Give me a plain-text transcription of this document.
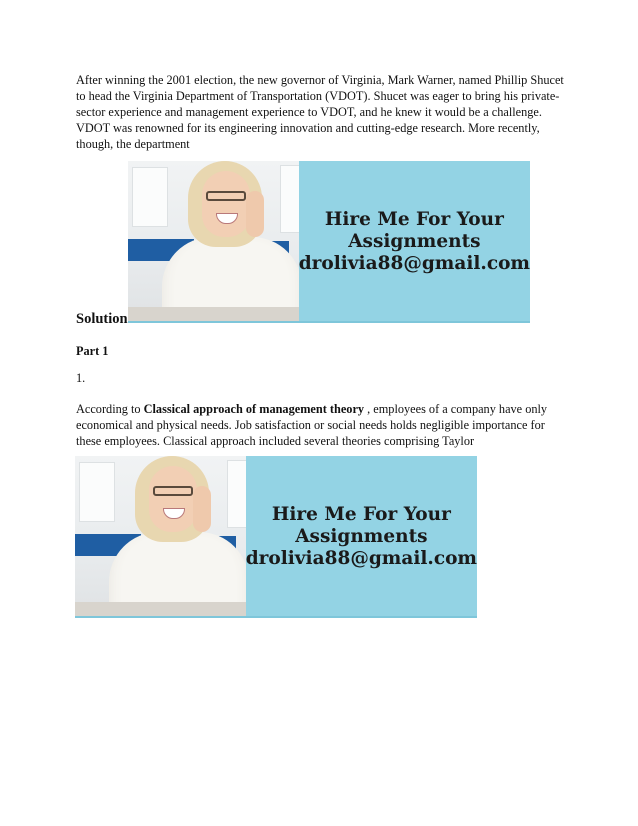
After winning the 2001 election, the new governor of Virginia, Mark Warner, named Phillip Shucet to head the Virginia Department of Transportation (VDOT). Shucet was eager to bring his private-sector experience and management experience to VDOT, and he knew it would be a challenge. VDOT was renowned for its engineering innovation and cutting-edge research. More recently, though, the department

Hire Me For Your

Assignments

drolivia88@gmail.com

Solution

Part 1

1.

According to Classical approach of management theory , employees of a company have only economical and physical needs. Job satisfaction or social needs holds negligible importance for these employees. Classical approach included several theories comprising Taylor

Hire Me For Your

Assignments

drolivia88@gmail.com
